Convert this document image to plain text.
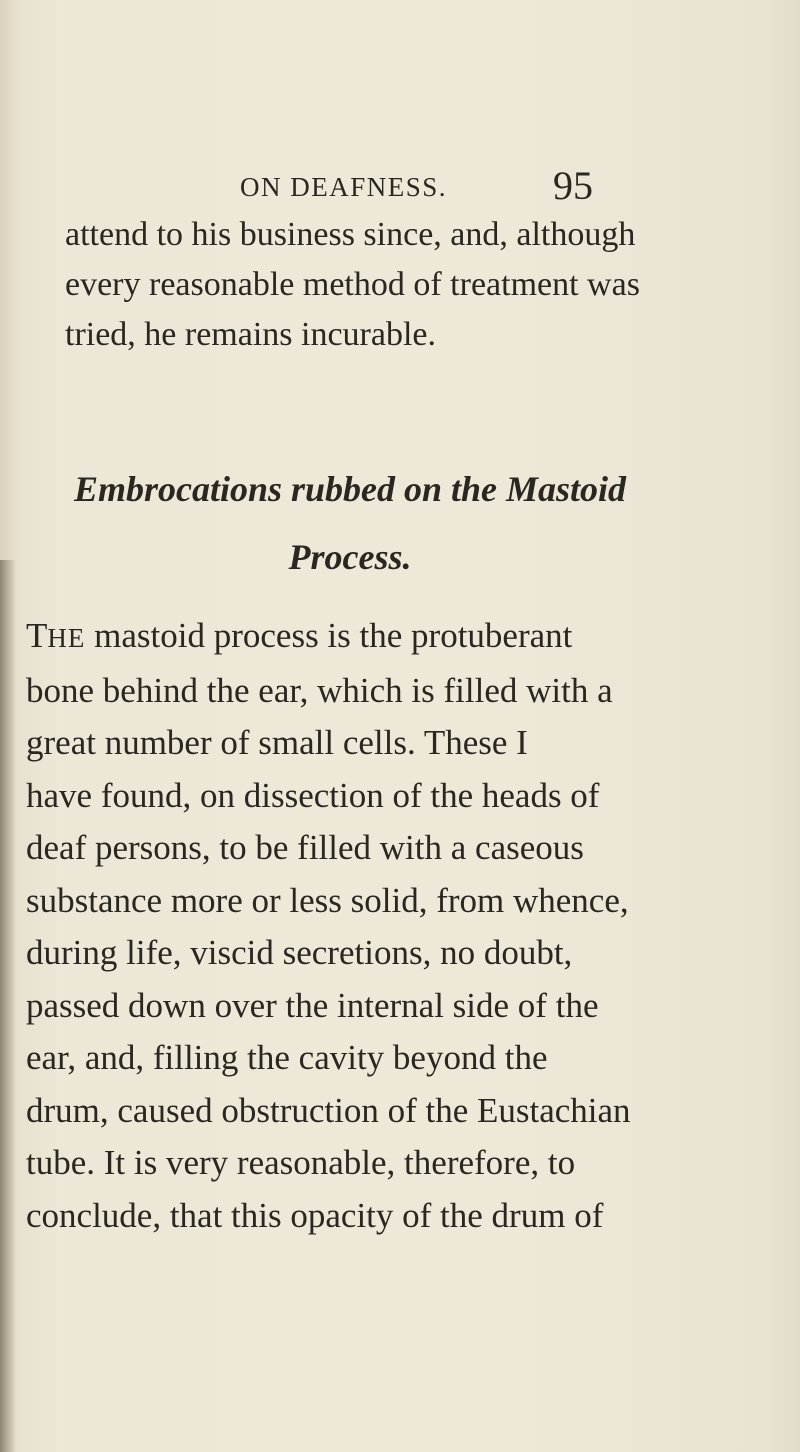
ON DEAFNESS.	95
attend to his business since, and, although
every reasonable method of treatment was
tried, he remains incurable.
Embrocations rubbed on the Mastoid
Process.
THE mastoid process is the protuberant
bone behind the ear, which is filled with a
great number of small cells. These I
have found, on dissection of the heads of
deaf persons, to be filled with a caseous
substance more or less solid, from whence,
during life, viscid secretions, no doubt,
passed down over the internal side of the
ear, and, filling the cavity beyond the
drum, caused obstruction of the Eustachian
tube. It is very reasonable, therefore, to
conclude, that this opacity of the drum of
